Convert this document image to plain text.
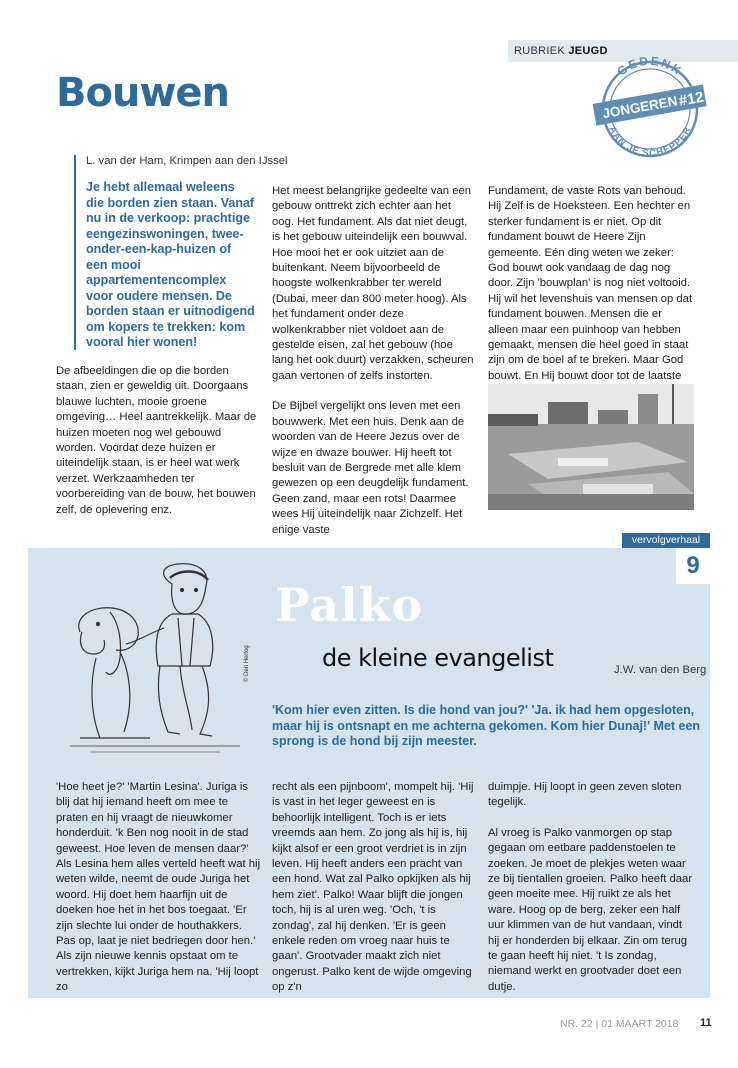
RUBRIEK JEUGD
GEDENK
JONGEREN
#12
AAN JE SCHEPPER
Bouwen
L. van der Ham, Krimpen aan den IJssel
Je hebt allemaal weleens die borden zien staan. Vanaf nu in de verkoop: prachtige eengezinswoningen, twee-onder-een-kap-huizen of een mooi appartementencomplex voor oudere mensen. De borden staan er uitnodigend om kopers te trekken: kom vooral hier wonen!

De afbeeldingen die op die borden staan, zien er geweldig uit. Doorgaans blauwe luchten, mooie groene omgeving… Heel aantrekkelijk. Maar de huizen moeten nog wel gebouwd worden. Voordat deze huizen er uiteindelijk staan, is er heel wat werk verzet. Werkzaamheden ter voorbereiding van de bouw, het bouwen zelf, de oplevering enz.

Het meest belangrijke gedeelte van een gebouw onttrekt zich echter aan het oog. Het fundament. Als dat niet deugt, is het gebouw uiteindelijk een bouwval. Hoe mooi het er ook uitziet aan de buitenkant. Neem bijvoorbeeld de hoogste wolkenkrabber ter wereld (Dubai, meer dan 800 meter hoog). Als het fundament onder deze wolkenkrabber niet voldoet aan de gestelde eisen, zal het gebouw (hoe lang het ook duurt) verzakken, scheuren gaan vertonen of zelfs instorten.

De Bijbel vergelijkt ons leven met een bouwwerk. Met een huis. Denk aan de woorden van de Heere Jezus over de wijze en dwaze bouwer. Hij heeft tot besluit van de Bergrede met alle klem gewezen op een deugdelijk fundament. Geen zand, maar een rots! Daarmee wees Hij uiteindelijk naar Zichzelf. Het enige vaste

Fundament, de vaste Rots van behoud. Hij Zelf is de Hoeksteen. Een hechter en sterker fundament is er niet. Op dit fundament bouwt de Heere Zijn gemeente. Eén ding weten we zeker: God bouwt ook vandaag de dag nog door. Zijn 'bouwplan' is nog niet voltooid. Hij wil het levenshuis van mensen op dat fundament bouwen. Mensen die er alleen maar een puinhoop van hebben gemaakt, mensen die heel goed in staat zijn om de boel af te breken. Maar God bouwt. En Hij bouwt door tot de laatste

vervolgverhaal
9
© Den Hertog
Palko
de kleine evangelist	J.W. van den Berg
'Kom hier even zitten. Is die hond van jou?' 'Ja. ik had hem opgesloten, maar hij is ontsnapt en me achterna gekomen. Kom hier Dunaj!' Met een sprong is de hond bij zijn meester.

'Hoe heet je?' 'Martin Lesina'. Juriga is blij dat hij iemand heeft om mee te praten en hij vraagt de nieuwkomer honderduit. 'k Ben nog nooit in de stad geweest. Hoe leven de mensen daar?' Als Lesina hem alles verteld heeft wat hij weten wilde, neemt de oude Juriga het woord. Hij doet hem haarfijn uit de doeken hoe het in het bos toegaat. 'Er zijn slechte lui onder de houthakkers. Pas op, laat je niet bedriegen door hen.' Als zijn nieuwe kennis opstaat om te vertrekken, kijkt Juriga hem na. 'Hij loopt zo

recht als een pijnboom', mompelt hij. 'Hij is vast in het leger geweest en is behoorlijk intelligent. Toch is er iets vreemds aan hem. Zo jong als hij is, hij kijkt alsof er een groot verdriet is in zijn leven. Hij heeft anders een pracht van een hond. Wat zal Palko opkijken als hij hem ziet'. Palko! Waar blijft die jongen toch, hij is al uren weg. 'Och, 't is zondag', zal hij denken. 'Er is geen enkele reden om vroeg naar huis te gaan'. Grootvader maakt zich niet ongerust. Palko kent de wijde omgeving op z'n

duimpje. Hij loopt in geen zeven sloten tegelijk.

Al vroeg is Palko vanmorgen op stap gegaan om eetbare paddenstoelen te zoeken. Je moet de plekjes weten waar ze bij tientallen groeien. Palko heeft daar geen moeite mee. Hij ruikt ze als het ware. Hoog op de berg, zeker een half uur klimmen van de hut vandaan, vindt hij er honderden bij elkaar. Zin om terug te gaan heeft hij niet. 't Is zondag, niemand werkt en grootvader doet een dutje.

NR. 22 | 01 MAART 2018 11
